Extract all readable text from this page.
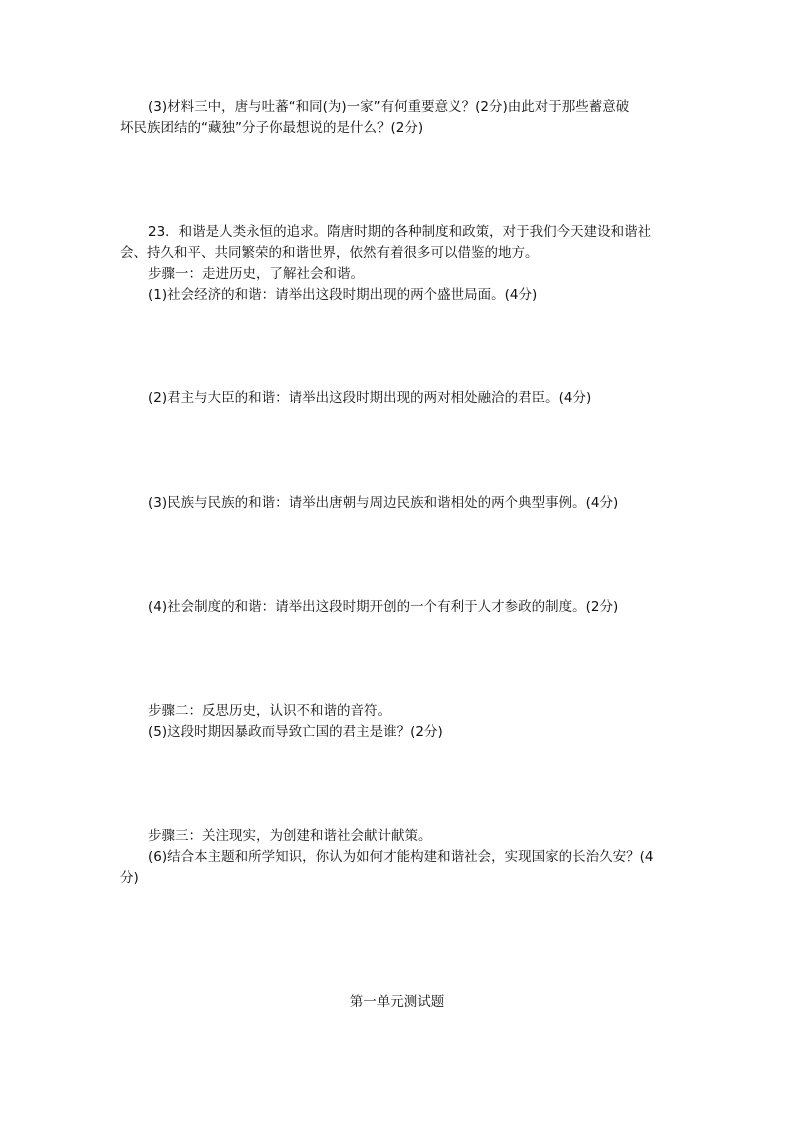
(3)材料三中，唐与吐蕃“和同(为)一家”有何重要意义？(2分)由此对于那些蓄意破
坏民族团结的“藏独”分子你最想说的是什么？(2分)
23．和谐是人类永恒的追求。隋唐时期的各种制度和政策，对于我们今天建设和谐社
会、持久和平、共同繁荣的和谐世界，依然有着很多可以借鉴的地方。
步骤一：走进历史，了解社会和谐。
(1)社会经济的和谐：请举出这段时期出现的两个盛世局面。(4分)
(2)君主与大臣的和谐：请举出这段时期出现的两对相处融洽的君臣。(4分)
(3)民族与民族的和谐：请举出唐朝与周边民族和谐相处的两个典型事例。(4分)
(4)社会制度的和谐：请举出这段时期开创的一个有利于人才参政的制度。(2分)
步骤二：反思历史，认识不和谐的音符。
(5)这段时期因暴政而导致亡国的君主是谁？(2分)
步骤三：关注现实，为创建和谐社会献计献策。
(6)结合本主题和所学知识，你认为如何才能构建和谐社会，实现国家的长治久安？(4
分)
第一单元测试题
